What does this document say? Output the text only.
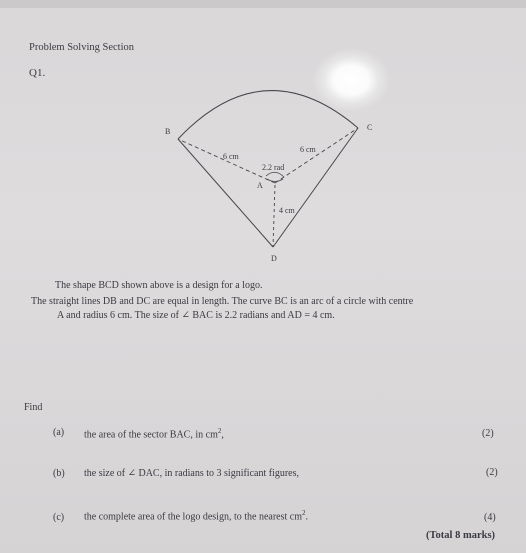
Problem Solving Section
Q1.
B	C
6 cm
6 cm
2.2 rad
A
4 cm
D
The shape BCD shown above is a design for a logo.
The straight lines DB and DC are equal in length. The curve BC is an arc of a circle with centre
A and radius 6 cm. The size of ∠ BAC is 2.2 radians and AD = 4 cm.
Find
(a) the area of the sector BAC, in $cm^2$,	(2)
(b) the size of ∠ DAC, in radians to 3 significant figures,	(2)
(c) the complete area of the logo design, to the nearest $cm^2$.	(4)
(Total 8 marks)
